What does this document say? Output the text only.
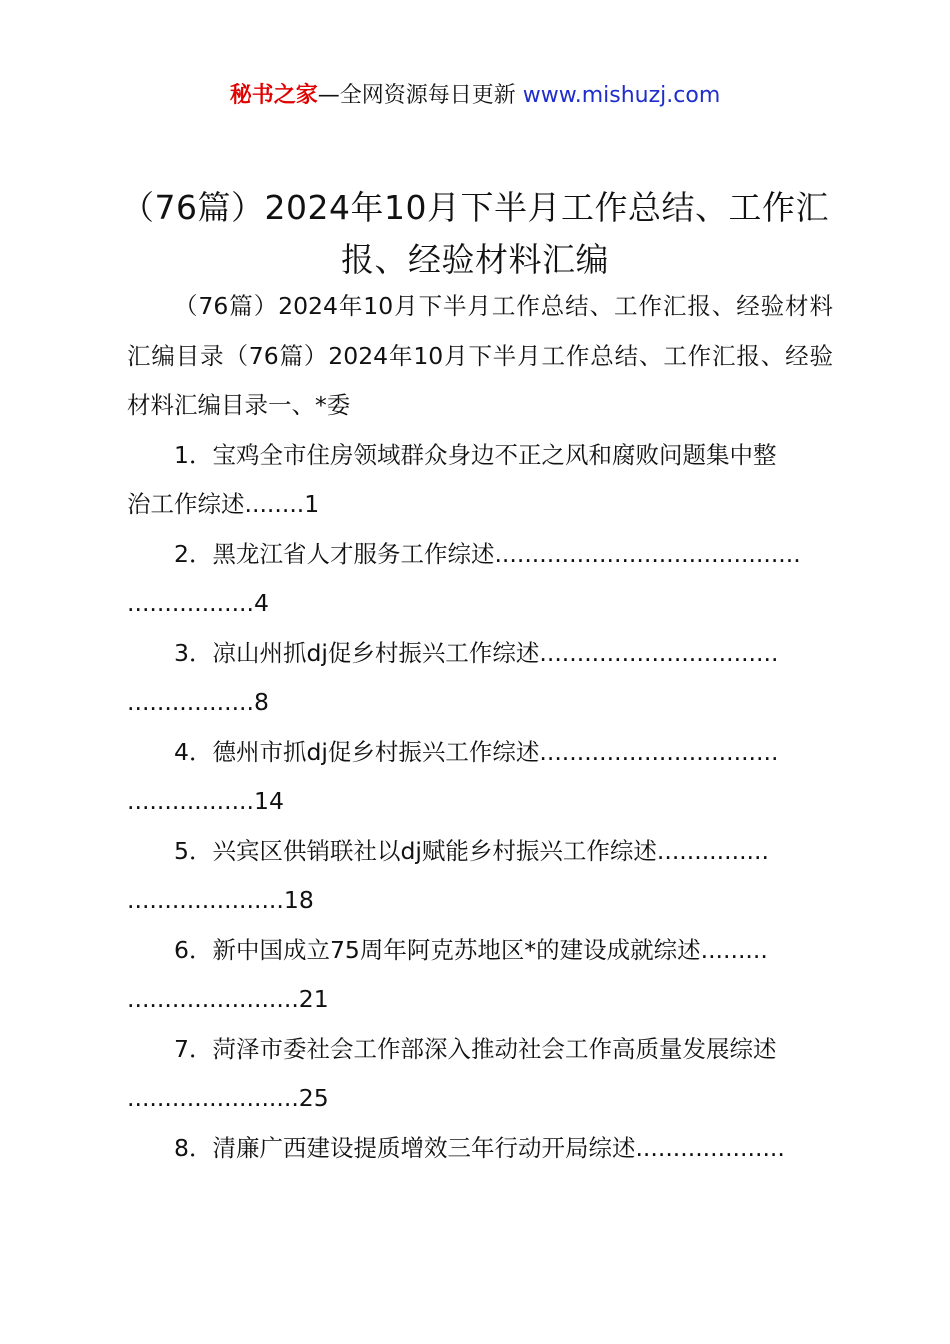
秘书之家—全网资源每日更新 www.mishuzj.com
（76篇）2024年10月下半月工作总结、工作汇报、经验材料汇编

（76篇）2024年10月下半月工作总结、工作汇报、经验材料汇编目录（76篇）2024年10月下半月工作总结、工作汇报、经验材料汇编目录一、*委

1．宝鸡全市住房领域群众身边不正之风和腐败问题集中整

治工作综述........1

2．黑龙江省人才服务工作综述.........................................

.................4

3．凉山州抓dj促乡村振兴工作综述................................

.................8

4．德州市抓dj促乡村振兴工作综述................................

.................14

5．兴宾区供销联社以dj赋能乡村振兴工作综述...............

.....................18

6．新中国成立75周年阿克苏地区*的建设成就综述.........

.......................21

7．菏泽市委社会工作部深入推动社会工作高质量发展综述

.......................25

8．清廉广西建设提质增效三年行动开局综述....................
